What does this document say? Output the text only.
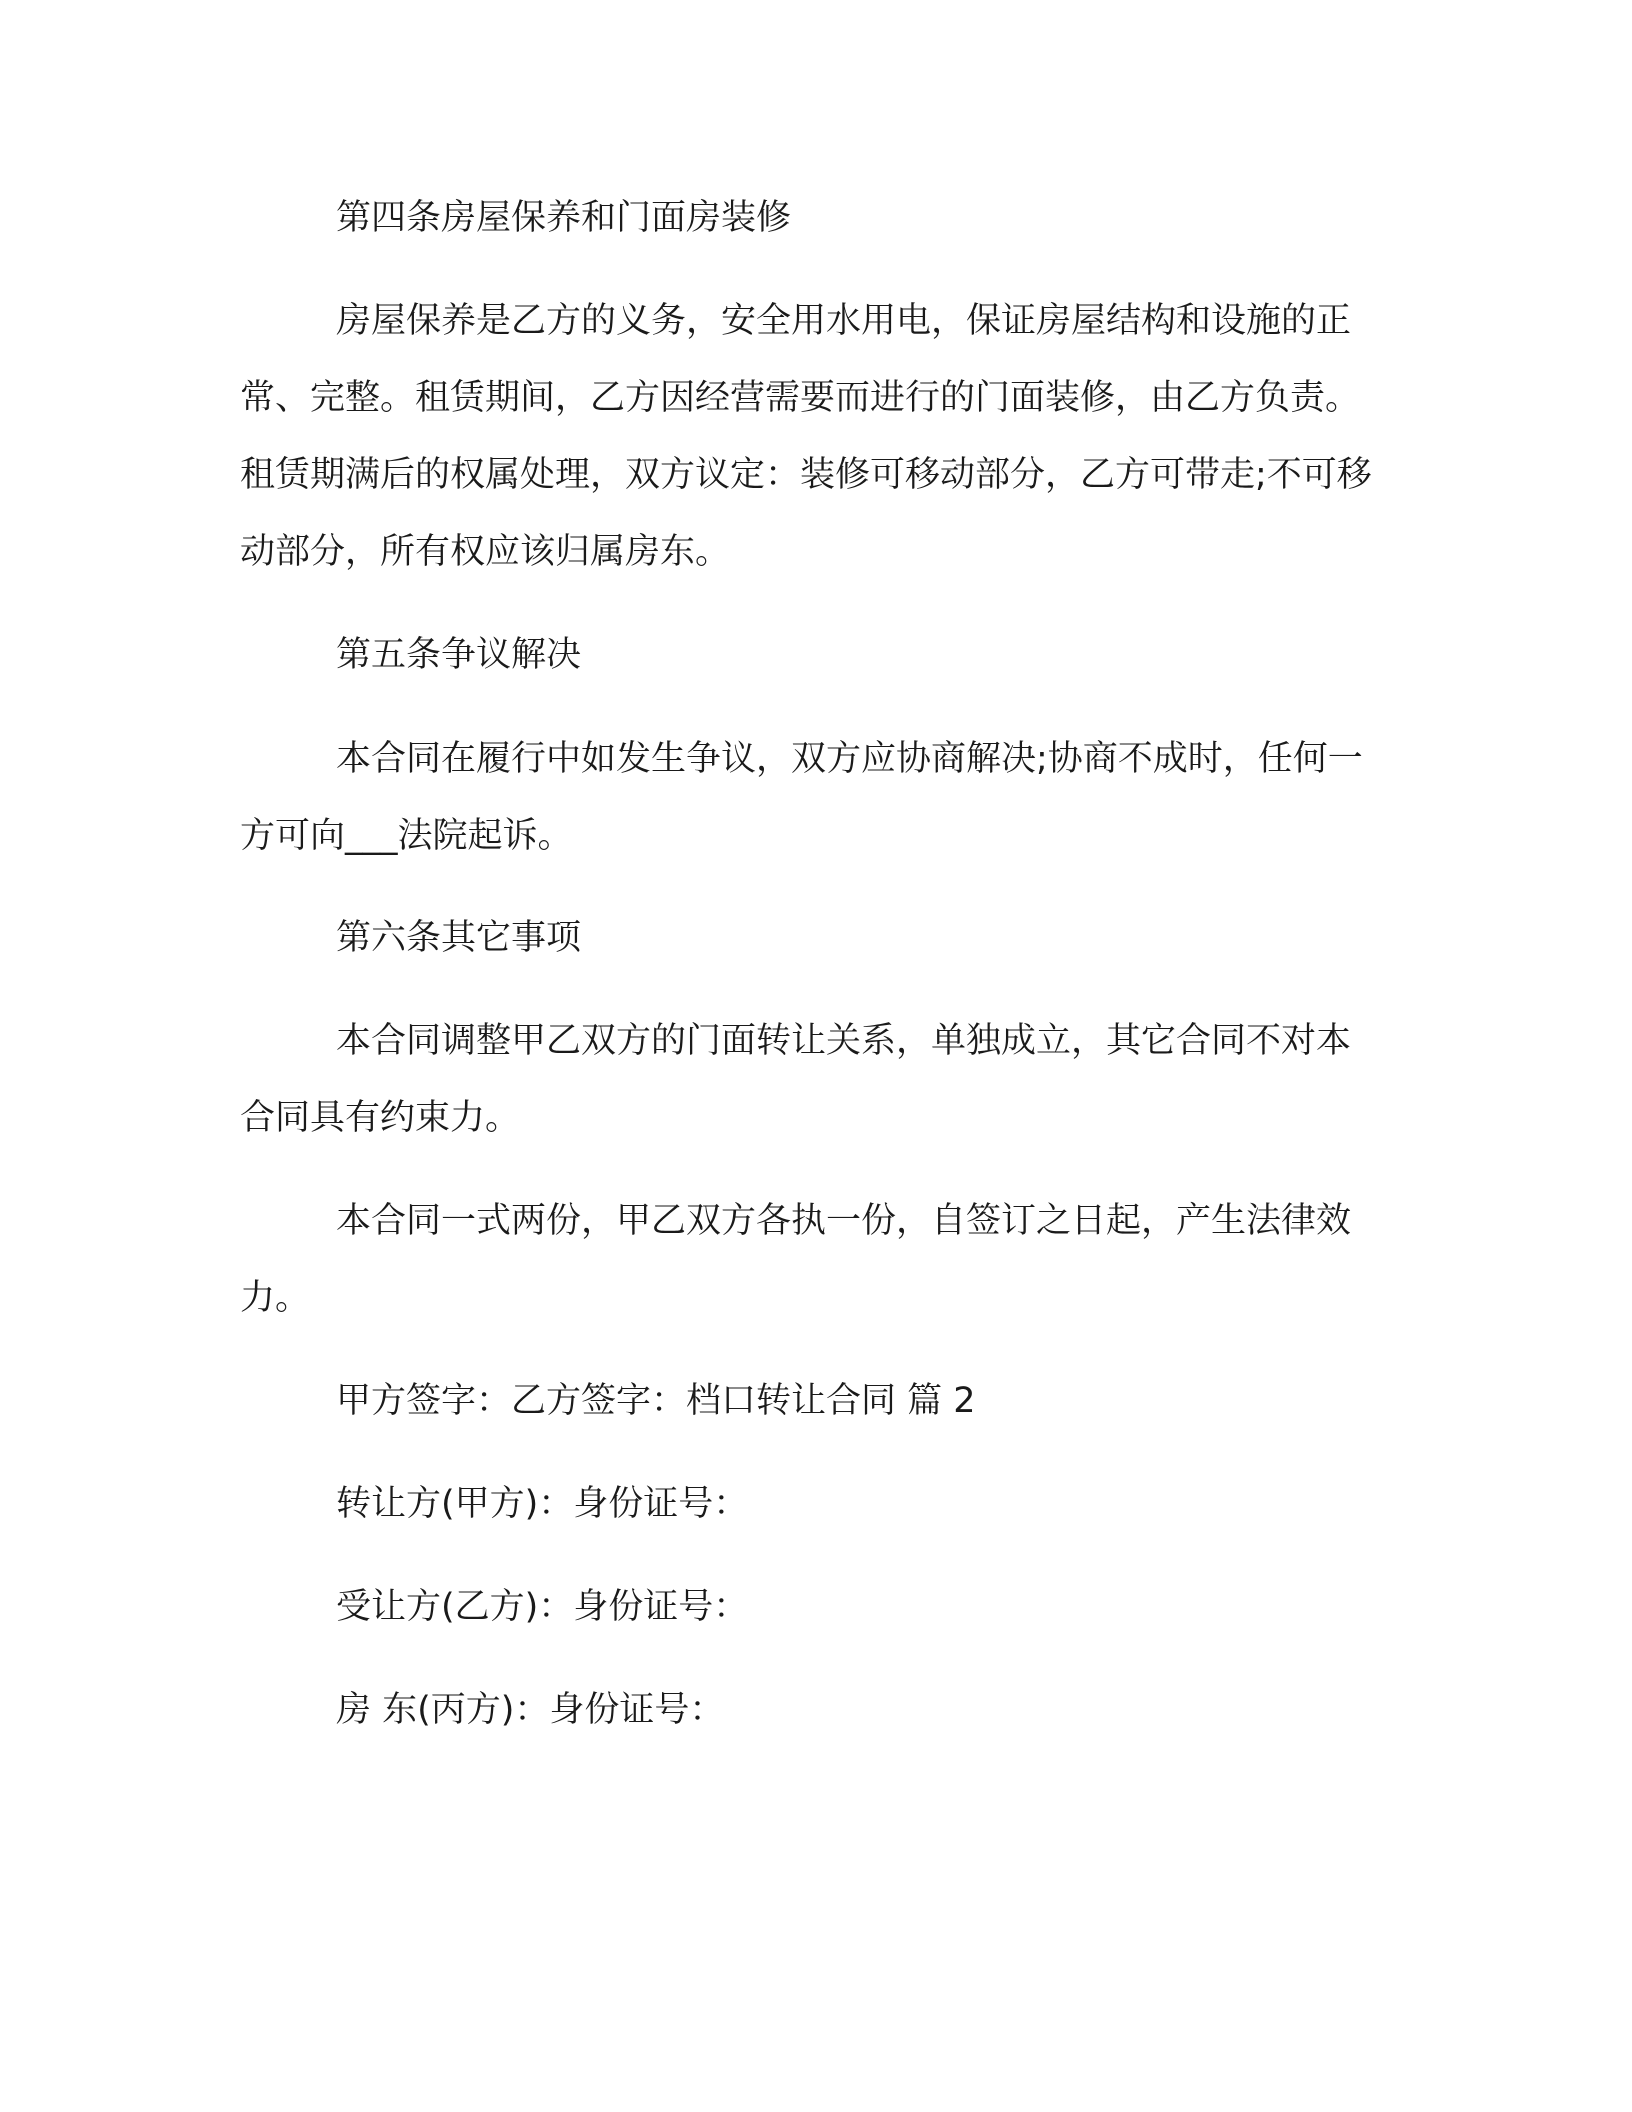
第四条房屋保养和门面房装修

房屋保养是乙方的义务，安全用水用电，保证房屋结构和设施的正常、完整。租赁期间，乙方因经营需要而进行的门面装修，由乙方负责。租赁期满后的权属处理，双方议定：装修可移动部分，乙方可带走;不可移动部分，所有权应该归属房东。

第五条争议解决

本合同在履行中如发生争议，双方应协商解决;协商不成时，任何一方可向___法院起诉。

第六条其它事项

本合同调整甲乙双方的门面转让关系，单独成立，其它合同不对本合同具有约束力。

本合同一式两份，甲乙双方各执一份，自签订之日起，产生法律效力。

甲方签字：乙方签字：档口转让合同 篇 2

转让方(甲方)：身份证号：

受让方(乙方)：身份证号：

房 东(丙方)：身份证号：
